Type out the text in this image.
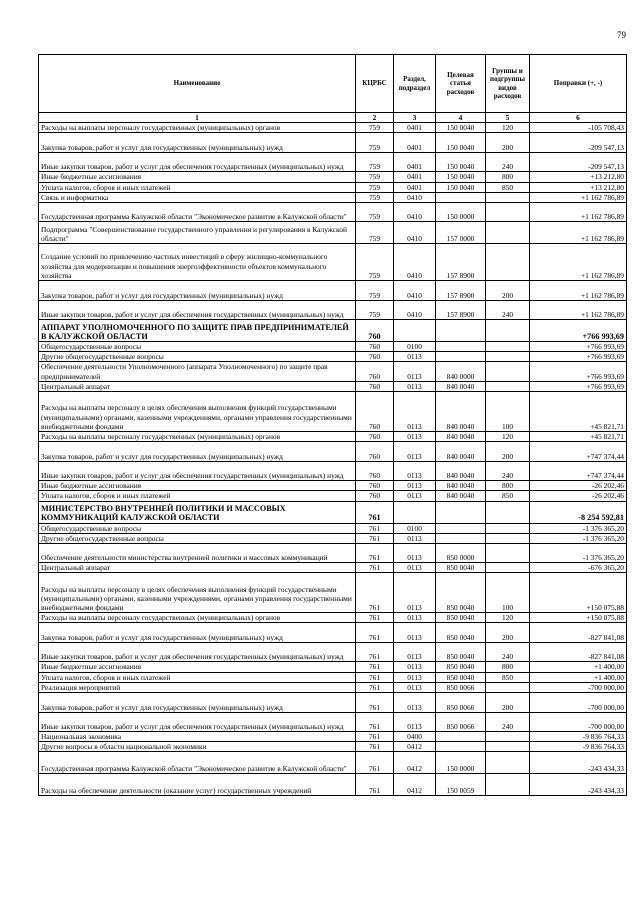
79
Наименование	КЦРБС	Раздел, подраздел	Целевая статья расходов	Группы и подгруппы видов расходов	Поправки (+, -)
1	2	3	4	5	6
Расходы на выплаты персоналу государственных (муниципальных) органов	759	0401	150 0040	120	-105 708,43
Закупка товаров, работ и услуг для государственных (муниципальных) нужд	759	0401	150 0040	200	-209 547,13
Иные закупки товаров, работ и услуг для обеспечения государственных (муниципальных) нужд	759	0401	150 0040	240	-209 547,13
Иные бюджетные ассигнования	759	0401	150 0040	800	+13 212,80
Уплата налогов, сборов и иных платежей	759	0401	150 0040	850	+13 212,80
Связь и информатика	759	0410			+1 162 786,89
Государственная программа Калужской области "Экономическое развитие в Калужской области"	759	0410	150 0000		+1 162 786,89
Подпрограмма "Совершенствование государственного управления и регулирования в Калужской области"	759	0410	157 0000		+1 162 786,89
Создание условий по привлечению частных инвестиций в сферу жилищно-коммунального хозяйства для модернизации и повышения энергоэффективности объектов коммунального хозяйства	759	0410	157 8900		+1 162 786,89
Закупка товаров, работ и услуг для государственных (муниципальных) нужд	759	0410	157 8900	200	+1 162 786,89
Иные закупки товаров, работ и услуг для обеспечения государственных (муниципальных) нужд	759	0410	157 8900	240	+1 162 786,89
АППАРАТ УПОЛНОМОЧЕННОГО ПО ЗАЩИТЕ ПРАВ ПРЕДПРИНИМАТЕЛЕЙ В КАЛУЖСКОЙ ОБЛАСТИ	760				+766 993,69
Общегосударственные вопросы	760	0100			+766 993,69
Другие общегосударственные вопросы	760	0113			+766 993,69
Обеспечение деятельности Уполномоченного (аппарата Уполномоченного) по защите прав предпринимателей	760	0113	840 0000		+766 993,69
Центральный аппарат	760	0113	840 0040		+766 993,69
Расходы на выплаты персоналу в целях обеспечения выполнения функций государственными (муниципальными) органами, казенными учреждениями, органами управления государственными внебюджетными фондами	760	0113	840 0040	100	+45 821,71
Расходы на выплаты персоналу государственных (муниципальных) органов	760	0113	840 0040	120	+45 821,71
Закупка товаров, работ и услуг для государственных (муниципальных) нужд	760	0113	840 0040	200	+747 374,44
Иные закупки товаров, работ и услуг для обеспечения государственных (муниципальных) нужд	760	0113	840 0040	240	+747 374,44
Иные бюджетные ассигнования	760	0113	840 0040	800	-26 202,46
Уплата налогов, сборов и иных платежей	760	0113	840 0040	850	-26 202,46
МИНИСТЕРСТВО ВНУТРЕННЕЙ ПОЛИТИКИ И МАССОВЫХ КОММУНИКАЦИЙ КАЛУЖСКОЙ ОБЛАСТИ	761				-8 254 592,81
Общегосударственные вопросы	761	0100			-1 376 365,20
Другие общегосударственные вопросы	761	0113			-1 376 365,20
Обеспечение деятельности министерства внутренней политики и массовых коммуникаций	761	0113	850 0000		-1 376 365,20
Центральный аппарат	761	0113	850 0040		-676 365,20
Расходы на выплаты персоналу в целях обеспечения выполнения функций государственными (муниципальными) органами, казенными учреждениями, органами управления государственными внебюджетными фондами	761	0113	850 0040	100	+150 075,88
Расходы на выплаты персоналу государственных (муниципальных) органов	761	0113	850 0040	120	+150 075,88
Закупка товаров, работ и услуг для государственных (муниципальных) нужд	761	0113	850 0040	200	-827 841,08
Иные закупки товаров, работ и услуг для обеспечения государственных (муниципальных) нужд	761	0113	850 0040	240	-827 841,08
Иные бюджетные ассигнования	761	0113	850 0040	800	+1 400,00
Уплата налогов, сборов и иных платежей	761	0113	850 0040	850	+1 400,00
Реализация мероприятий	761	0113	850 0066		-700 000,00
Закупка товаров, работ и услуг для государственных (муниципальных) нужд	761	0113	850 0066	200	-700 000,00
Иные закупки товаров, работ и услуг для обеспечения государственных (муниципальных) нужд	761	0113	850 0066	240	-700 000,00
Национальная экономика	761	0400			-9 836 764,33
Другие вопросы в области национальной экономики	761	0412			-9 836 764,33
Государственная программа Калужской области "Экономическое развитие в Калужской области"	761	0412	150 0000		-243 434,33
Расходы на обеспечение деятельности (оказание услуг) государственных учреждений	761	0412	150 0059		-243 434,33
